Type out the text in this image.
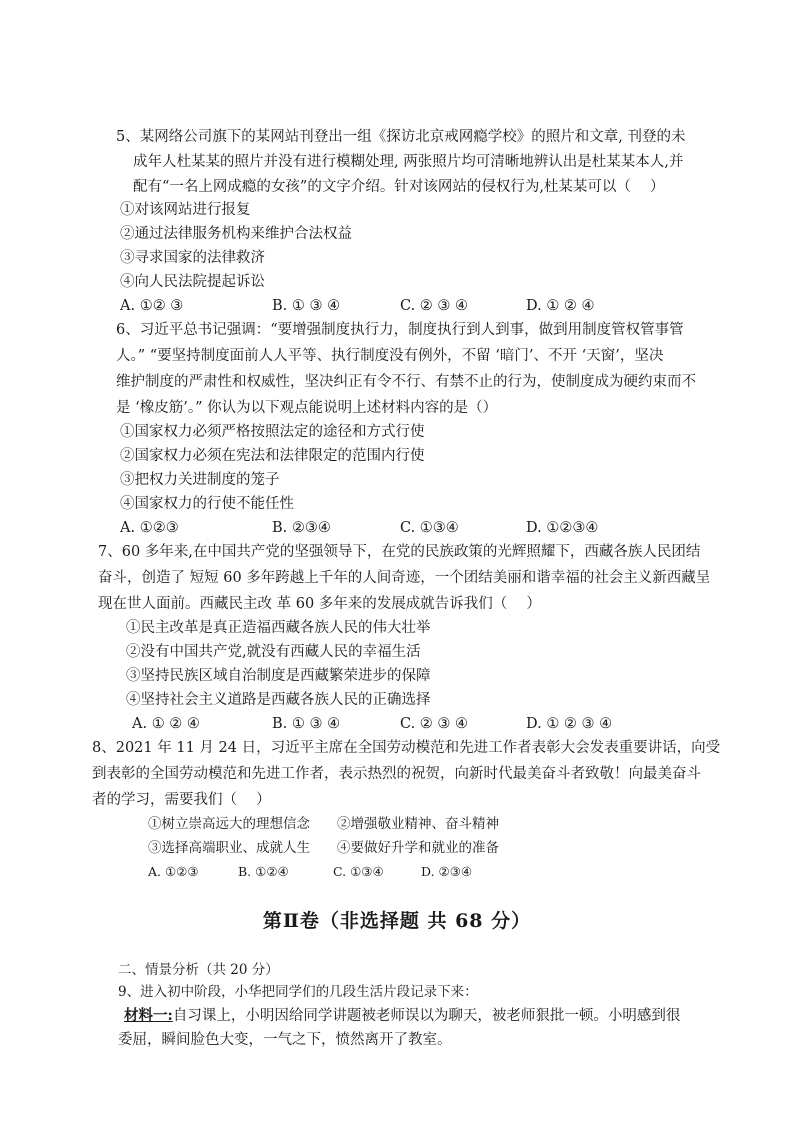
5、某网络公司旗下的某网站刊登出一组《探访北京戒网瘾学校》的照片和文章, 刊登的未
成年人杜某某的照片并没有进行模糊处理, 两张照片均可清晰地辨认出是杜某某本人,并
配有“一名上网成瘾的女孩”的文字介绍。针对该网站的侵权行为,杜某某可以（　 ）
①对该网站进行报复
②通过法律服务机构来维护合法权益
③寻求国家的法律救济
④向人民法院提起诉讼
A. ①② ③	B. ① ③ ④	C. ② ③ ④	D. ① ② ④
6、习近平总书记强调：“要增强制度执行力，制度执行到人到事，做到用制度管权管事管
人。” “要坚持制度面前人人平等、执行制度没有例外，不留 ‘暗门’、不开 ‘天窗’，坚决
维护制度的严肃性和权威性，坚决纠正有令不行、有禁不止的行为，使制度成为硬约束而不
是 ‘橡皮筋’。” 你认为以下观点能说明上述材料内容的是（）
①国家权力必须严格按照法定的途径和方式行使
②国家权力必须在宪法和法律限定的范围内行使
③把权力关进制度的笼子
④国家权力的行使不能任性
A. ①②③	B. ②③④	C. ①③④	D. ①②③④
7、60 多年来,在中国共产党的坚强领导下，在党的民族政策的光辉照耀下，西藏各族人民团结
奋斗，创造了 短短 60 多年跨越上千年的人间奇迹，一个团结美丽和谐幸福的社会主义新西藏呈
现在世人面前。西藏民主改 革 60 多年来的发展成就告诉我们（　 ）
①民主改革是真正造福西藏各族人民的伟大壮举
②没有中国共产党,就没有西藏人民的幸福生活
③坚持民族区域自治制度是西藏繁荣进步的保障
④坚持社会主义道路是西藏各族人民的正确选择
A. ① ② ④	B. ① ③ ④	C. ② ③ ④	D. ① ② ③ ④
8、2021 年 11 月 24 日，习近平主席在全国劳动模范和先进工作者表彰大会发表重要讲话，向受
到表彰的全国劳动模范和先进工作者，表示热烈的祝贺，向新时代最美奋斗者致敬！向最美奋斗
者的学习，需要我们（　 ）
①树立崇高远大的理想信念 ②增强敬业精神、奋斗精神
③选择高端职业、成就人生 ④要做好升学和就业的准备
A. ①②③	B. ①②④	C. ①③④	D. ②③④
第Ⅱ卷（非选择题 共 68 分）
二、情景分析（共 20 分）
9、进入初中阶段，小华把同学们的几段生活片段记录下来：
材料一:自习课上，小明因给同学讲题被老师误以为聊天，被老师狠批一顿。小明感到很
委屈，瞬间脸色大变，一气之下，愤然离开了教室。
